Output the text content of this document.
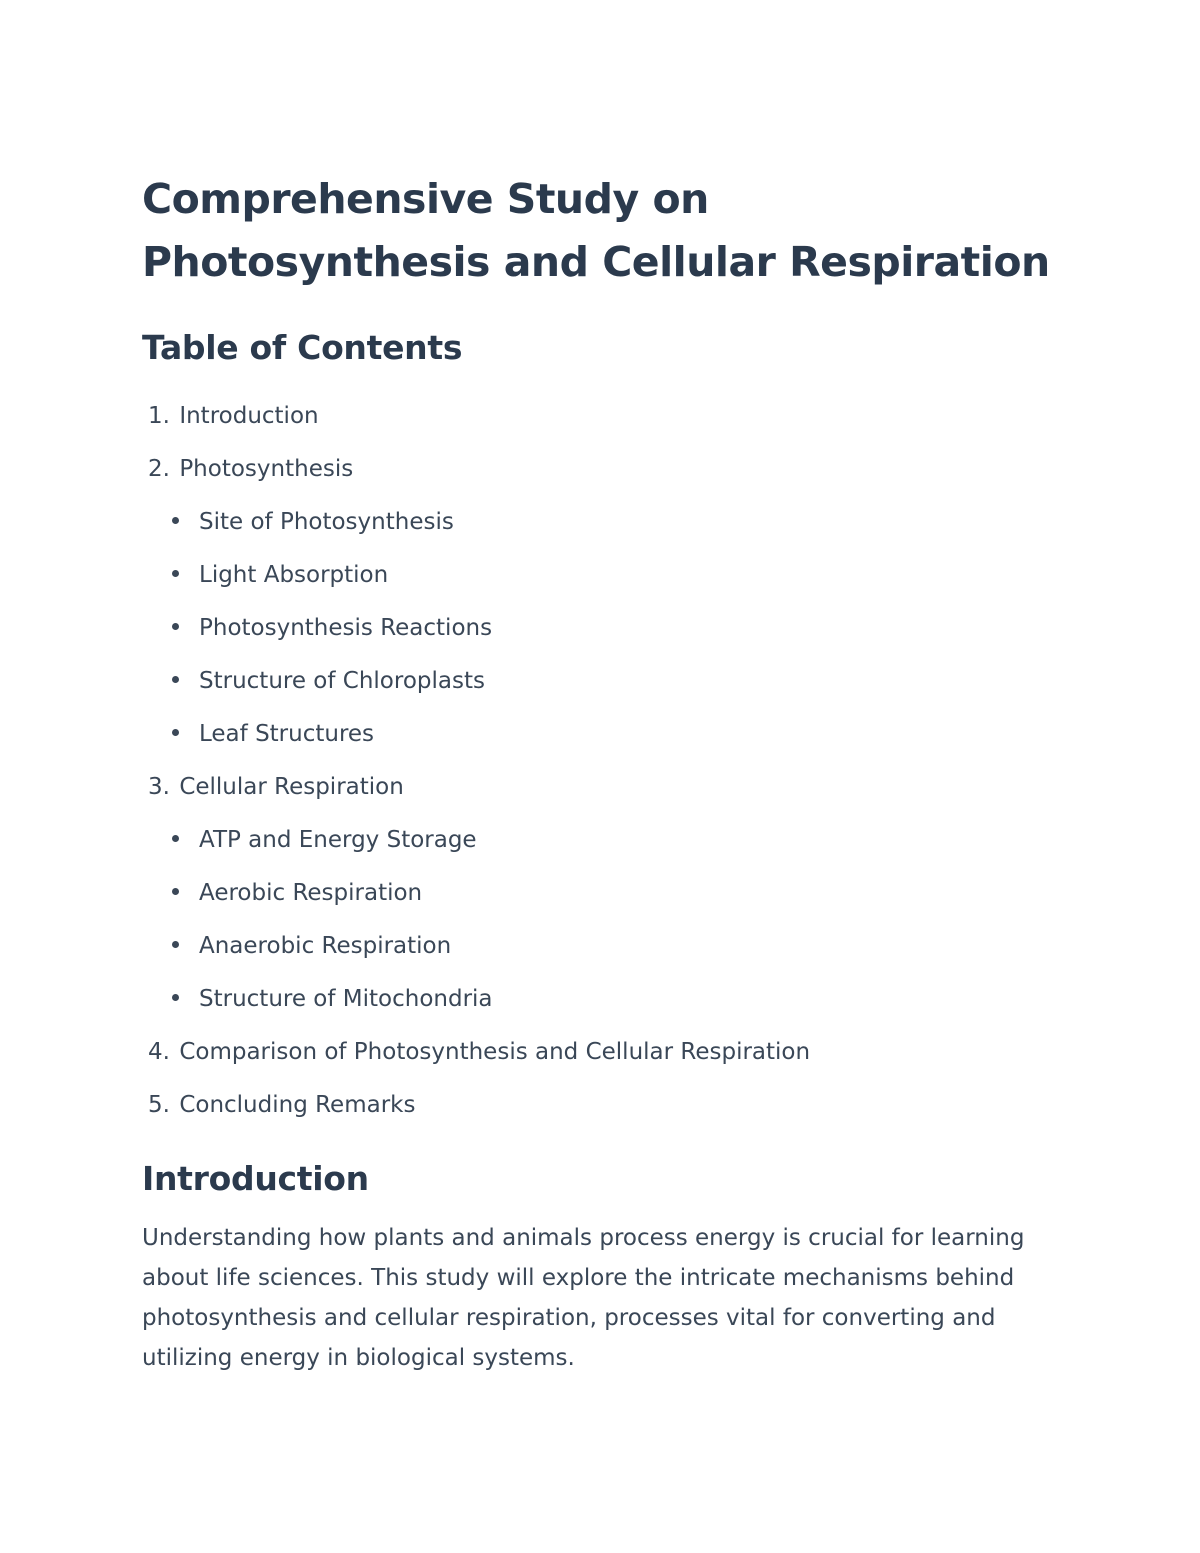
Comprehensive Study on
Photosynthesis and Cellular Respiration
Table of Contents
1. Introduction
2. Photosynthesis
Site of Photosynthesis
Light Absorption
Photosynthesis Reactions
Structure of Chloroplasts
Leaf Structures
3. Cellular Respiration
ATP and Energy Storage
Aerobic Respiration
Anaerobic Respiration
Structure of Mitochondria
4. Comparison of Photosynthesis and Cellular Respiration
5. Concluding Remarks
Introduction

Understanding how plants and animals process energy is crucial for learning about life sciences. This study will explore the intricate mechanisms behind photosynthesis and cellular respiration, processes vital for converting and utilizing energy in biological systems.
